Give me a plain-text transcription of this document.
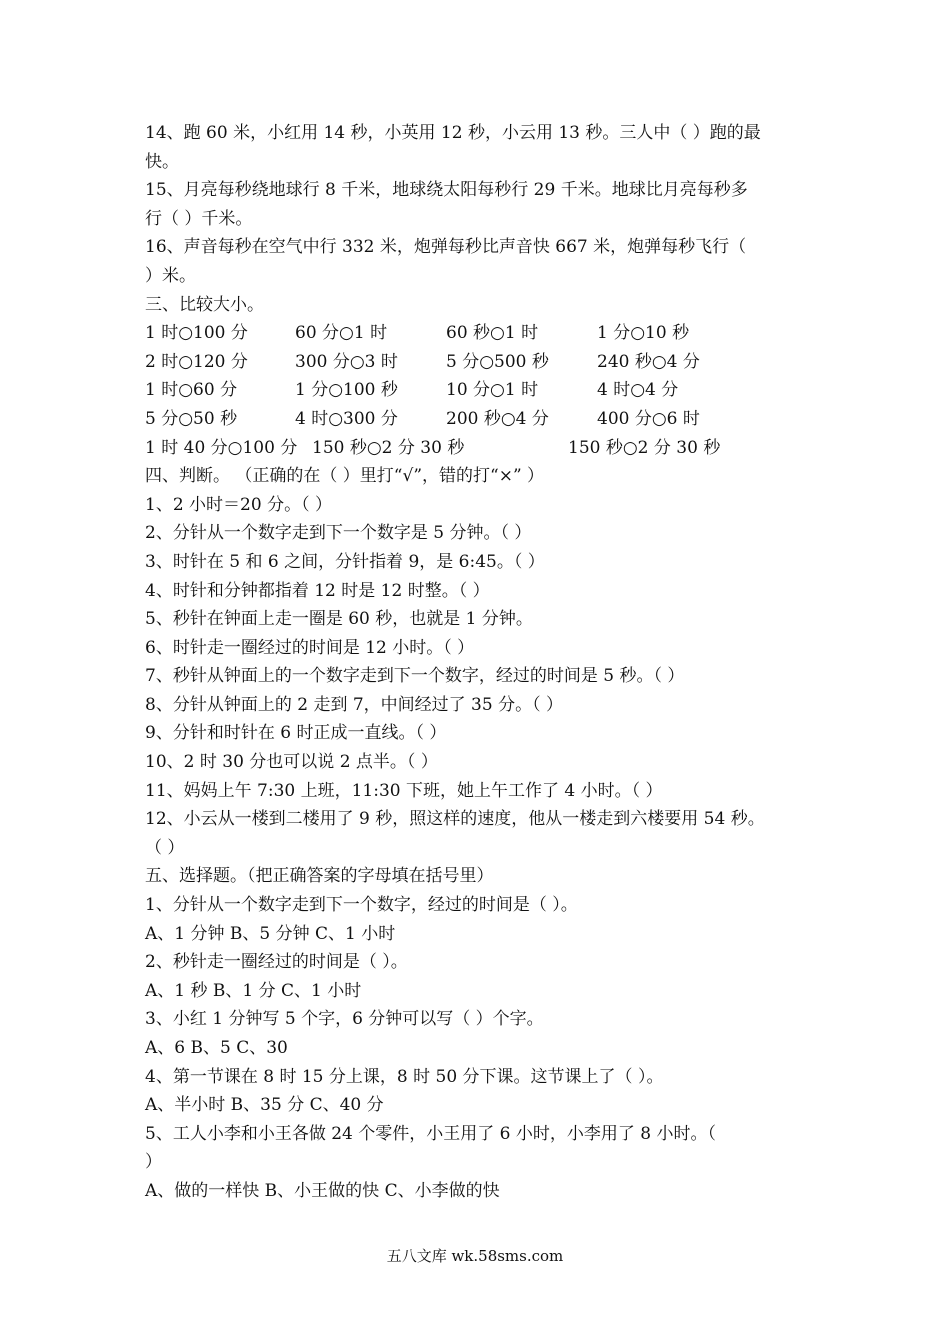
14、跑 60 米，小红用 14 秒，小英用 12 秒，小云用 13 秒。三人中（ ）跑的最
快。
15、月亮每秒绕地球行 8 千米，地球绕太阳每秒行 29 千米。地球比月亮每秒多
行（ ）千米。
16、声音每秒在空气中行 332 米，炮弹每秒比声音快 667 米，炮弹每秒飞行（
）米。
三、比较大小。
1 时○100 分	60 分○1 时	60 秒○1 时	1 分○10 秒
2 时○120 分	300 分○3 时	5 分○500 秒	240 秒○4 分
1 时○60 分	1 分○100 秒	10 分○1 时	4 时○4 分
5 分○50 秒	4 时○300 分	200 秒○4 分	400 分○6 时
1 时 40 分○100 分 150 秒○2 分 30 秒	150 秒○2 分 30 秒
四、判断。 （正确的在（ ）里打“√”，错的打“×” ）
1、2 小时＝20 分。（ ）
2、分针从一个数字走到下一个数字是 5 分钟。（ ）
3、时针在 5 和 6 之间，分针指着 9，是 6:45。（ ）
4、时针和分钟都指着 12 时是 12 时整。（ ）
5、秒针在钟面上走一圈是 60 秒，也就是 1 分钟。
6、时针走一圈经过的时间是 12 小时。（ ）
7、秒针从钟面上的一个数字走到下一个数字，经过的时间是 5 秒。（ ）
8、分针从钟面上的 2 走到 7，中间经过了 35 分。（ ）
9、分针和时针在 6 时正成一直线。（ ）
10、2 时 30 分也可以说 2 点半。（ ）
11、妈妈上午 7:30 上班，11:30 下班，她上午工作了 4 小时。（ ）
12、小云从一楼到二楼用了 9 秒，照这样的速度，他从一楼走到六楼要用 54 秒。
（ ）
五、选择题。（把正确答案的字母填在括号里）
1、分针从一个数字走到下一个数字，经过的时间是（ ）。
A、1 分钟 B、5 分钟 C、1 小时
2、秒针走一圈经过的时间是（ ）。
A、1 秒 B、1 分 C、1 小时
3、小红 1 分钟写 5 个字，6 分钟可以写（ ）个字。
A、6 B、5 C、30
4、第一节课在 8 时 15 分上课，8 时 50 分下课。这节课上了（ ）。
A、半小时 B、35 分 C、40 分
5、工人小李和小王各做 24 个零件，小王用了 6 小时，小李用了 8 小时。（
）
A、做的一样快 B、小王做的快 C、小李做的快
五八文库 wk.58sms.com
